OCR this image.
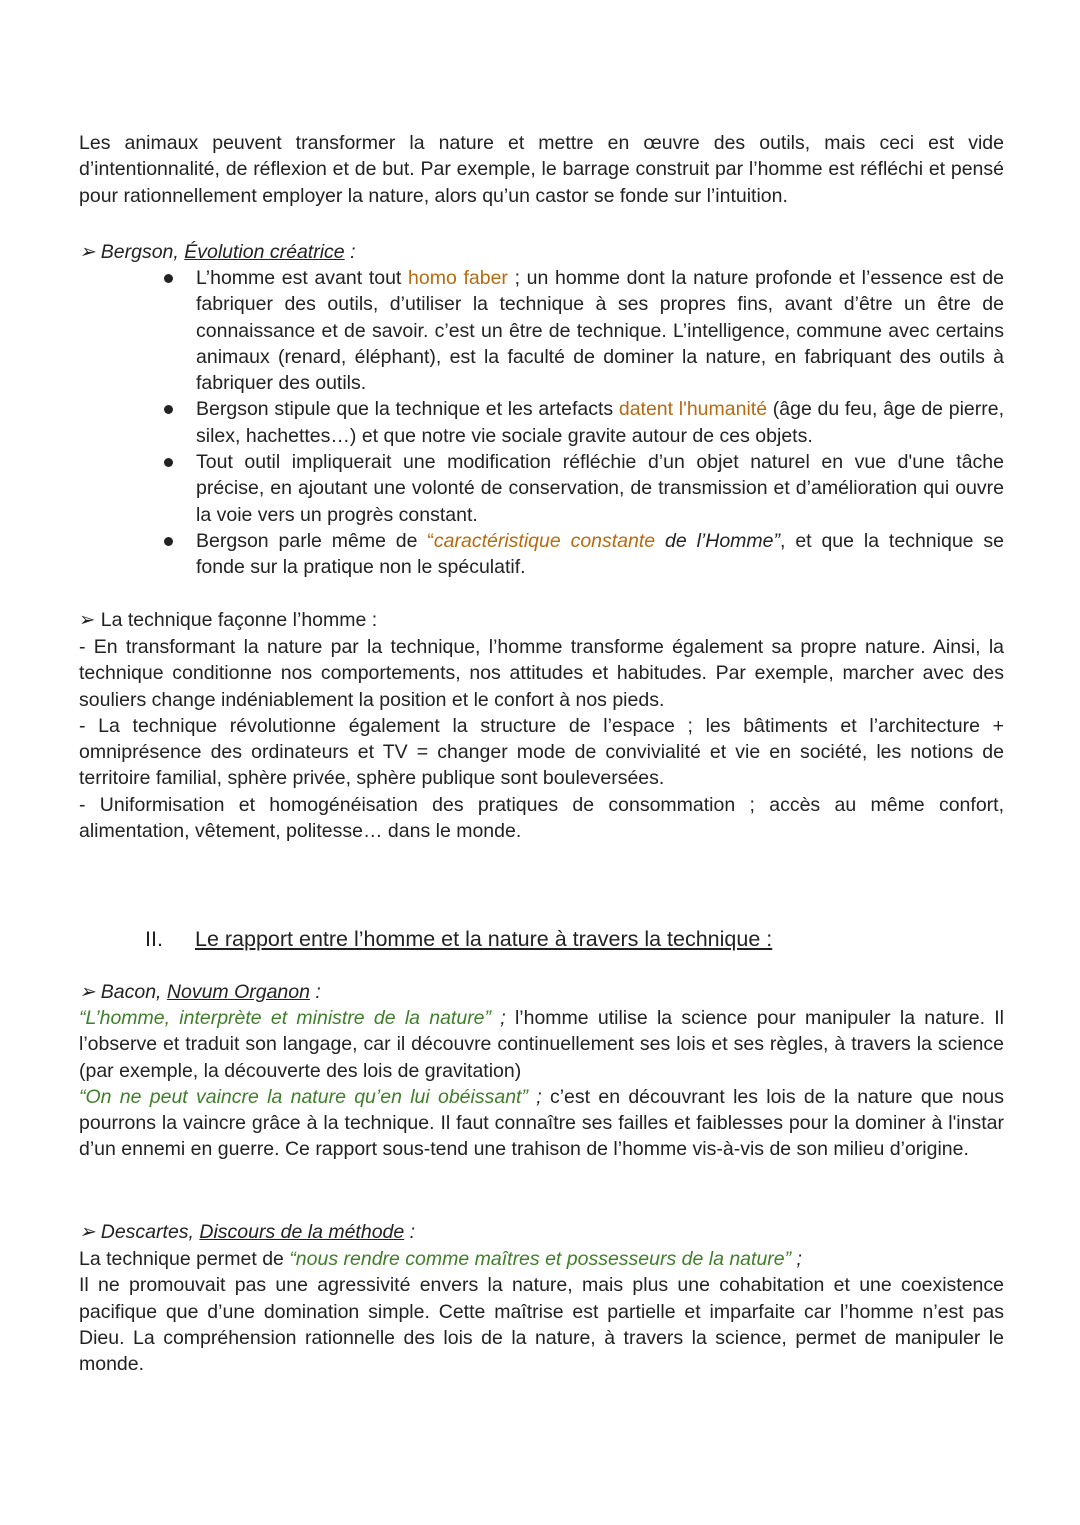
Les animaux peuvent transformer la nature et mettre en œuvre des outils, mais ceci est vide d’intentionnalité, de réflexion et de but. Par exemple, le barrage construit par l’homme est réfléchi et pensé pour rationnellement employer la nature, alors qu’un castor se fonde sur l’intuition.

➢ Bergson, Évolution créatrice :
L’homme est avant tout homo faber ; un homme dont la nature profonde et l’essence est de fabriquer des outils, d’utiliser la technique à ses propres fins, avant d’être un être de connaissance et de savoir. c’est un être de technique. L’intelligence, commune avec certains animaux (renard, éléphant), est la faculté de dominer la nature, en fabriquant des outils à fabriquer des outils.
Bergson stipule que la technique et les artefacts datent l'humanité (âge du feu, âge de pierre, silex, hachettes…) et que notre vie sociale gravite autour de ces objets.
Tout outil impliquerait une modification réfléchie d’un objet naturel en vue d'une tâche précise, en ajoutant une volonté de conservation, de transmission et d’amélioration qui ouvre la voie vers un progrès constant.
Bergson parle même de “caractéristique constante de l’Homme”, et que la technique se fonde sur la pratique non le spéculatif.
➢ La technique façonne l’homme :

- En transformant la nature par la technique, l’homme transforme également sa propre nature. Ainsi, la technique conditionne nos comportements, nos attitudes et habitudes. Par exemple, marcher avec des souliers change indéniablement la position et le confort à nos pieds.

- La technique révolutionne également la structure de l’espace ; les bâtiments et l’architecture + omniprésence des ordinateurs et TV = changer mode de convivialité et vie en société, les notions de territoire familial, sphère privée, sphère publique sont bouleversées.

- Uniformisation et homogénéisation des pratiques de consommation ; accès au même confort, alimentation, vêtement, politesse… dans le monde.

II. Le rapport entre l’homme et la nature à travers la technique :
➢ Bacon, Novum Organon :

“L’homme, interprète et ministre de la nature” ; l’homme utilise la science pour manipuler la nature. Il l’observe et traduit son langage, car il découvre continuellement ses lois et ses règles, à travers la science (par exemple, la découverte des lois de gravitation)

“On ne peut vaincre la nature qu’en lui obéissant” ; c’est en découvrant les lois de la nature que nous pourrons la vaincre grâce à la technique. Il faut connaître ses failles et faiblesses pour la dominer à l'instar d’un ennemi en guerre. Ce rapport sous-tend une trahison de l’homme vis-à-vis de son milieu d’origine.

➢ Descartes, Discours de la méthode :

La technique permet de “nous rendre comme maîtres et possesseurs de la nature” ;

Il ne promouvait pas une agressivité envers la nature, mais plus une cohabitation et une coexistence pacifique que d’une domination simple. Cette maîtrise est partielle et imparfaite car l’homme n’est pas Dieu. La compréhension rationnelle des lois de la nature, à travers la science, permet de manipuler le monde.
